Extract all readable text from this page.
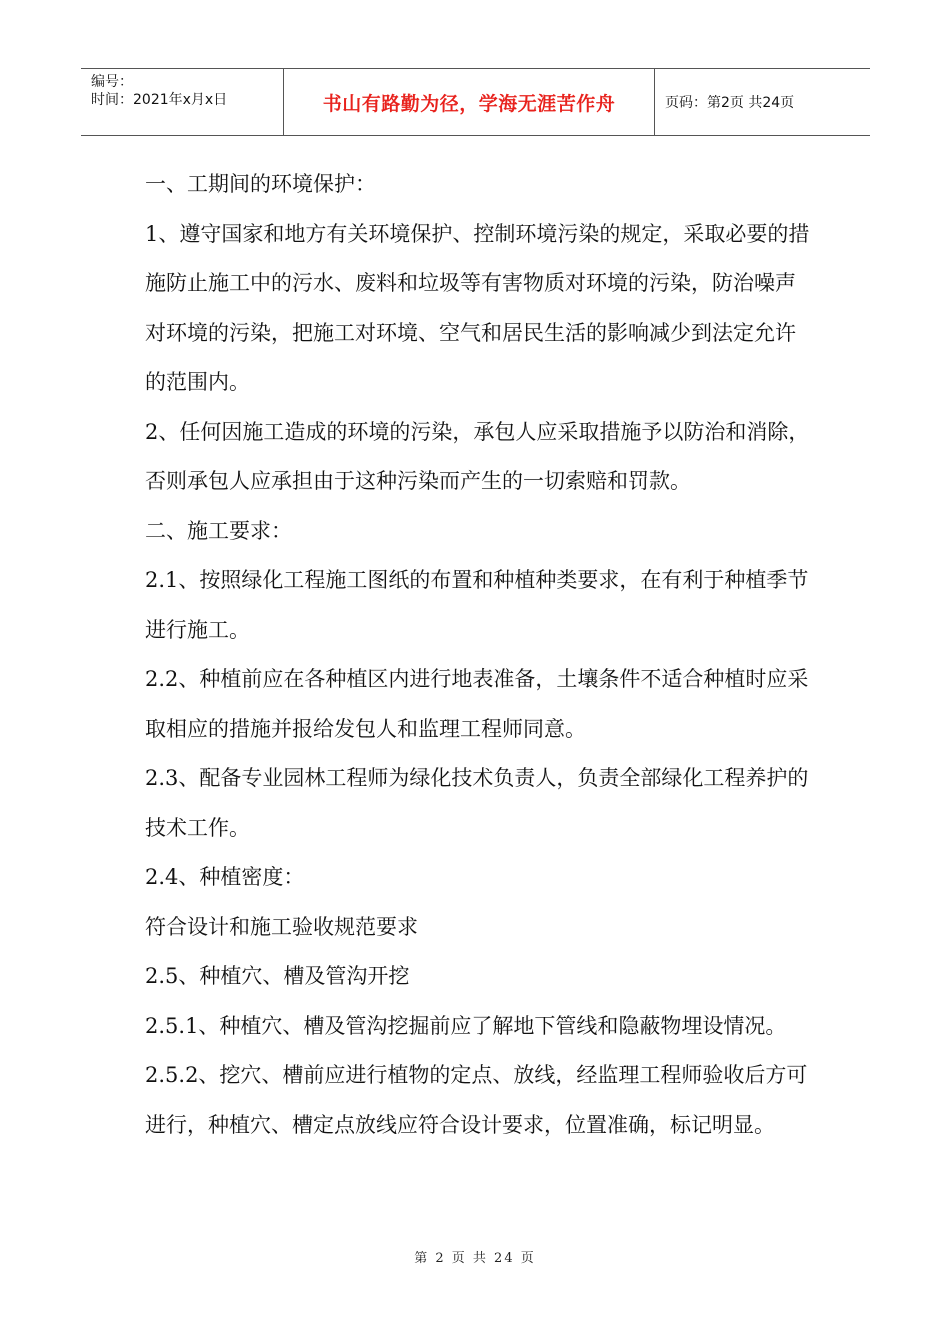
编号：
时间：2021年x月x日	书山有路勤为径，学海无涯苦作舟	页码：第2页 共24页

一、工期间的环境保护：

1、遵守国家和地方有关环境保护、控制环境污染的规定，采取必要的措施防止施工中的污水、废料和垃圾等有害物质对环境的污染，防治噪声对环境的污染，把施工对环境、空气和居民生活的影响减少到法定允许的范围内。

2、任何因施工造成的环境的污染，承包人应采取措施予以防治和消除，否则承包人应承担由于这种污染而产生的一切索赔和罚款。

二、施工要求：

2.1、按照绿化工程施工图纸的布置和种植种类要求，在有利于种植季节进行施工。

2.2、种植前应在各种植区内进行地表准备，土壤条件不适合种植时应采取相应的措施并报给发包人和监理工程师同意。

2.3、配备专业园林工程师为绿化技术负责人，负责全部绿化工程养护的技术工作。

2.4、种植密度：

符合设计和施工验收规范要求

2.5、种植穴、槽及管沟开挖

2.5.1、种植穴、槽及管沟挖掘前应了解地下管线和隐蔽物埋设情况。

2.5.2、挖穴、槽前应进行植物的定点、放线，经监理工程师验收后方可进行，种植穴、槽定点放线应符合设计要求，位置准确，标记明显。

第 2 页 共 24 页
